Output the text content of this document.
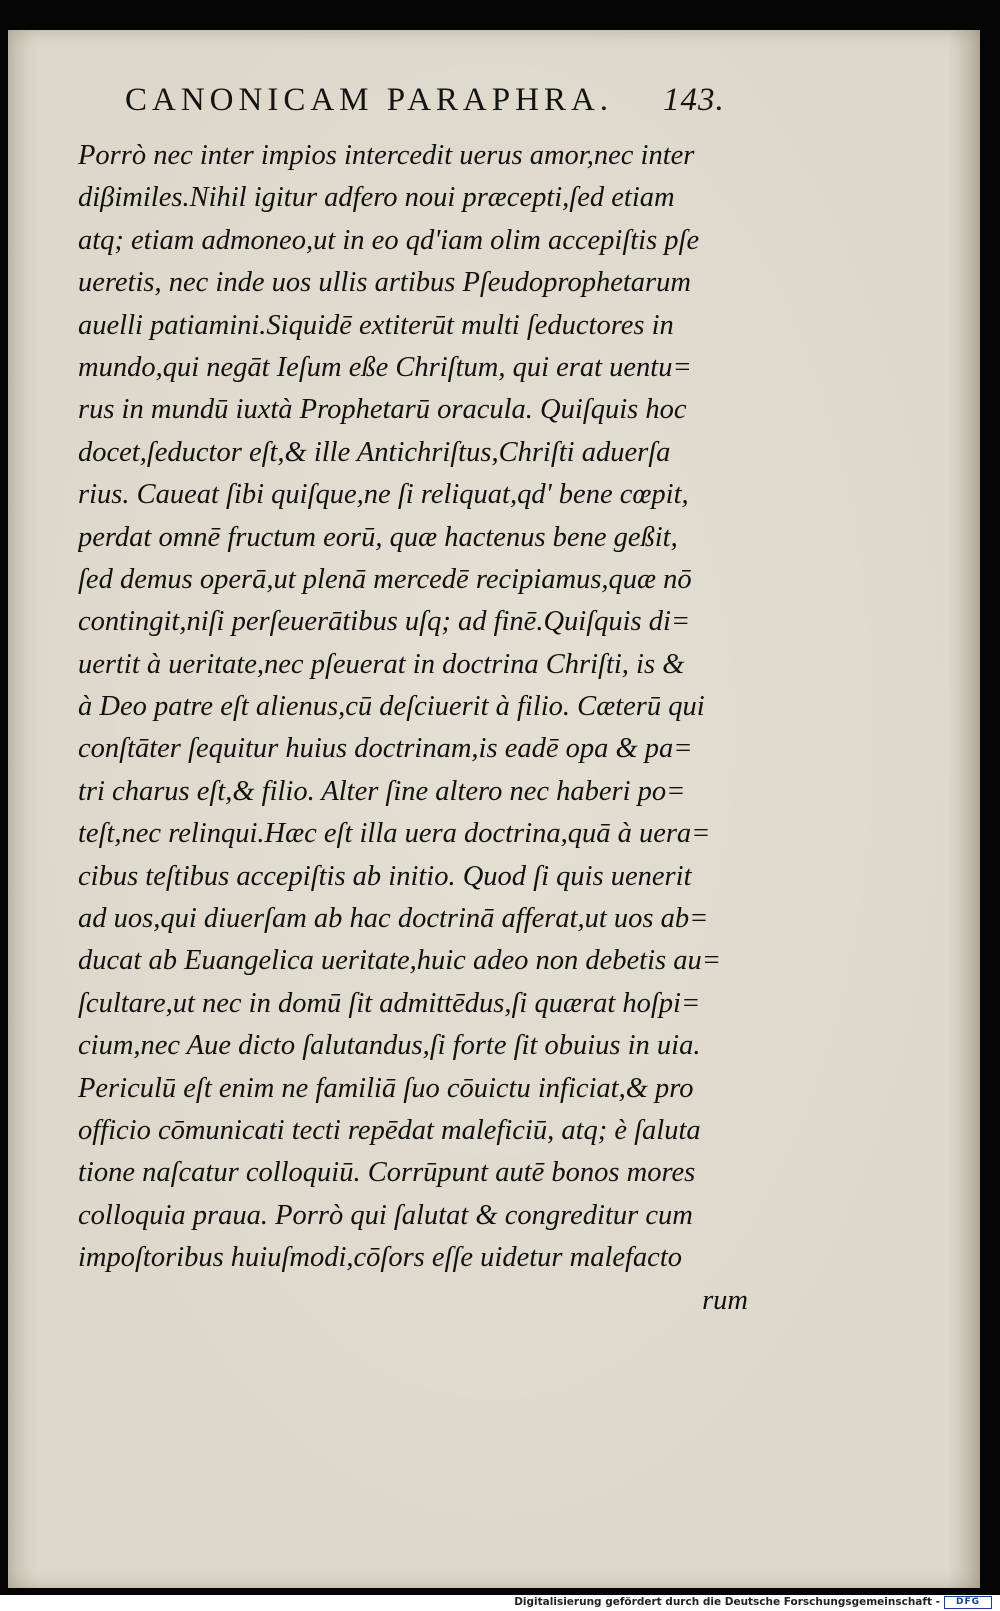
CANONICAM PARAPHRA. 143.
Porrò nec inter impios intercedit uerus amor,nec inter
diβimiles.Nihil igitur adfero noui præcepti,ſed etiam
atq; etiam admoneo,ut in eo qd'iam olim accepiſtis pſe
ueretis, nec inde uos ullis artibus Pſeudoprophetarum
auelli patiamini.Siquidē extiterūt multi ſeductores in
mundo,qui negāt Ieſum eßе Chriſtum, qui erat uentu=
rus in mundū iuxtà Prophetarū oracula. Quiſquis hoc
docet,ſeductor eſt,& ille Antichriſtus,Chriſti aduerſa
rius. Caueat ſibi quiſque,ne ſi reliquat,qd' bene cœpit,
perdat omnē fructum eorū, quæ hactenus bene geßit,
ſed demus operā,ut plenā mercedē recipiamus,quæ nō
contingit,niſi perſeuerātibus uſq; ad finē.Quiſquis di=
uertit à ueritate,nec pſeuerat in doctrina Chriſti, is &
à Deo patre eſt alienus,cū deſciuerit à filio. Cæterū qui
conſtāter ſequitur huius doctrinam,is eadē opa & pa=
tri charus eſt,& filio. Alter ſine altero nec haberi po=
teſt,nec relinqui.Hæc eſt illa uera doctrina,quā à uera=
cibus teſtibus accepiſtis ab initio. Quod ſi quis uenerit
ad uos,qui diuerſam ab hac doctrinā afferat,ut uos ab=
ducat ab Euangelica ueritate,huic adeo non debetis au=
ſcultare,ut nec in domū ſit admittēdus,ſi quærat hoſpi=
cium,nec Aue dicto ſalutandus,ſi forte ſit obuius in uia.
Periculū eſt enim ne familiā ſuo cōuictu inficiat,& pro
officio cōmunicati tecti repēdat maleficiū, atq; è ſaluta
tione naſcatur colloquiū. Corrūpunt autē bonos mores
colloquia praua. Porrò qui ſalutat & congreditur cum
impoſtoribus huiuſmodi,cōſors eſſe uidetur malefacto
rum
Digitalisierung gefördert durch die Deutsche Forschungsgemeinschaft -	DFG
